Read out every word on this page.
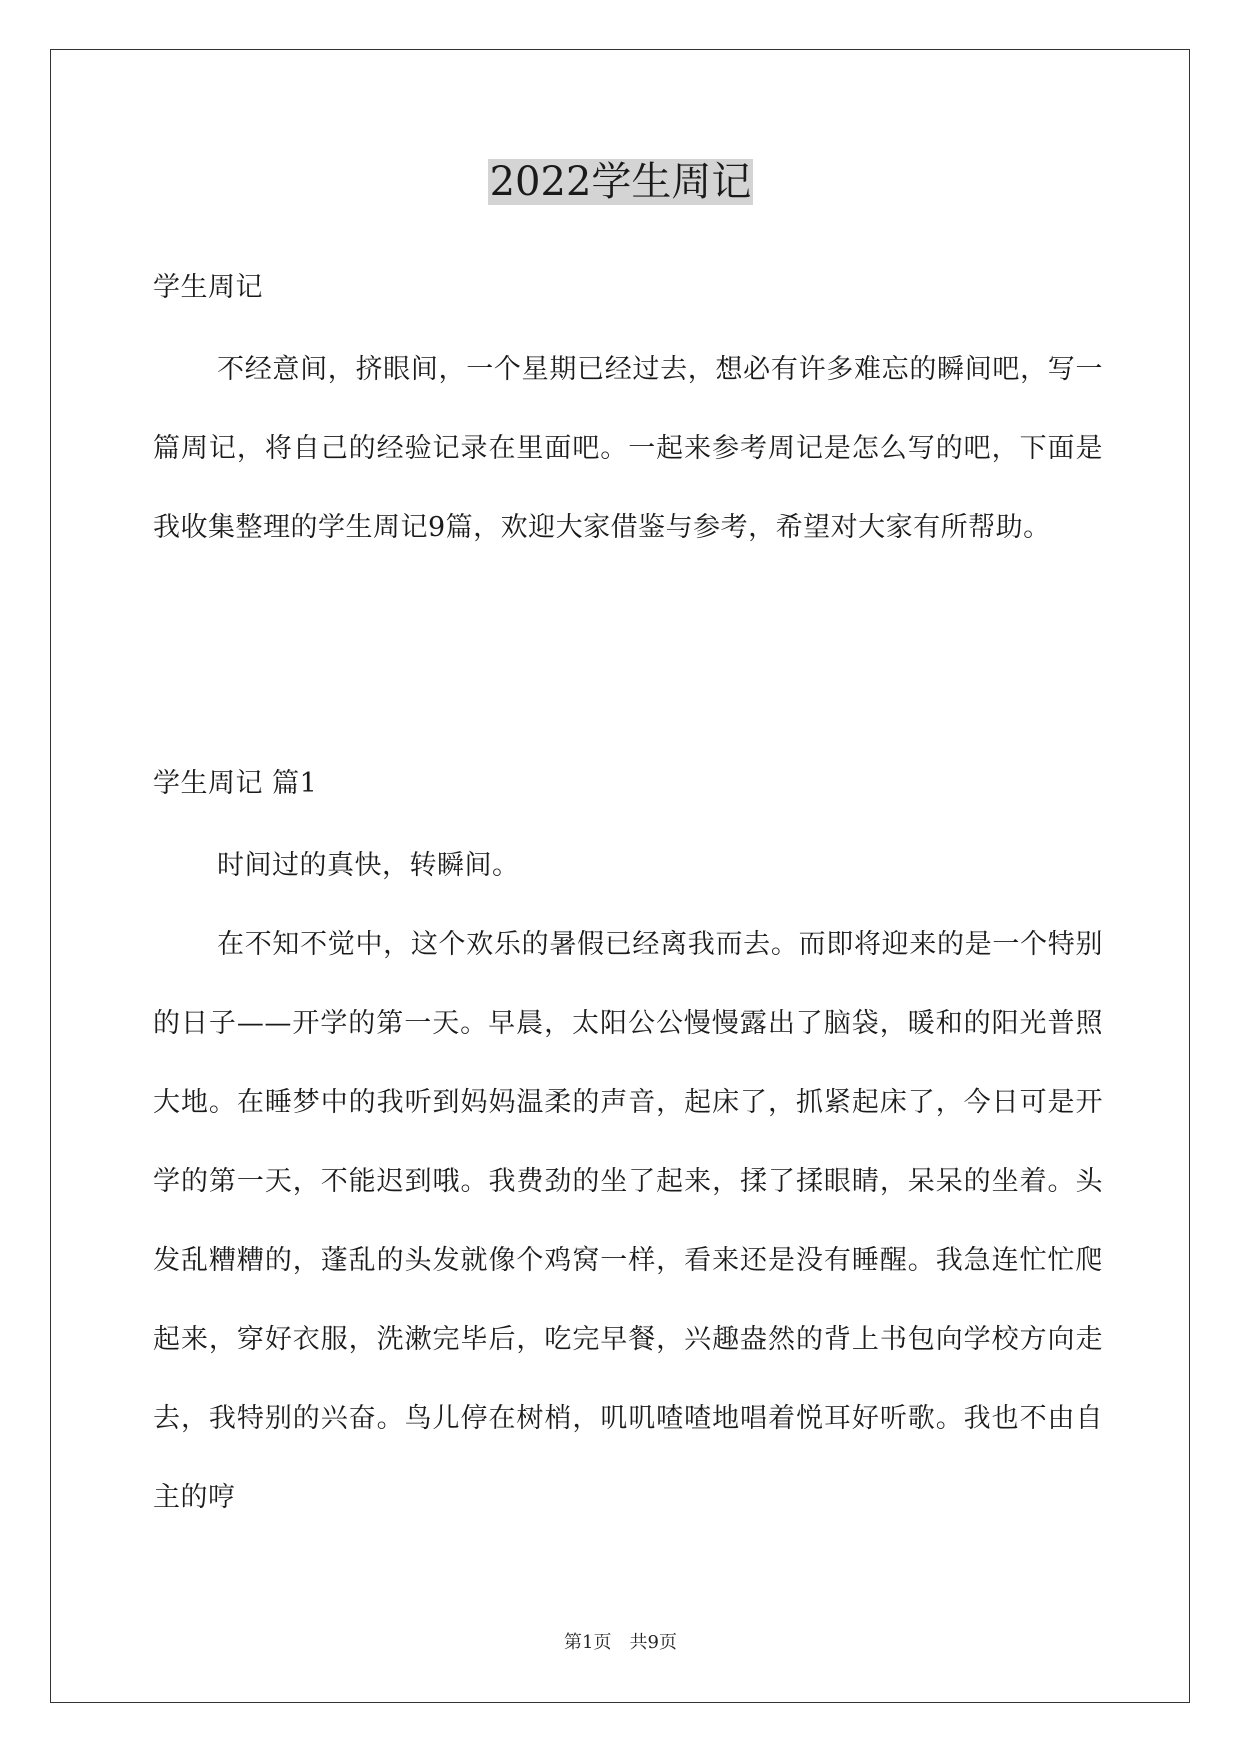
2022学生周记

学生周记

不经意间，挤眼间，一个星期已经过去，想必有许多难忘的瞬间吧，写一篇周记，将自己的经验记录在里面吧。一起来参考周记是怎么写的吧，下面是我收集整理的学生周记9篇，欢迎大家借鉴与参考，希望对大家有所帮助。

学生周记 篇1

时间过的真快，转瞬间。

在不知不觉中，这个欢乐的暑假已经离我而去。而即将迎来的是一个特别的日子——开学的第一天。早晨，太阳公公慢慢露出了脑袋，暖和的阳光普照大地。在睡梦中的我听到妈妈温柔的声音，起床了，抓紧起床了，今日可是开学的第一天，不能迟到哦。我费劲的坐了起来，揉了揉眼睛，呆呆的坐着。头发乱糟糟的，蓬乱的头发就像个鸡窝一样，看来还是没有睡醒。我急连忙忙爬起来，穿好衣服，洗漱完毕后，吃完早餐，兴趣盎然的背上书包向学校方向走去，我特别的兴奋。鸟儿停在树梢，叽叽喳喳地唱着悦耳好听歌。我也不由自主的哼

第1页　共9页
